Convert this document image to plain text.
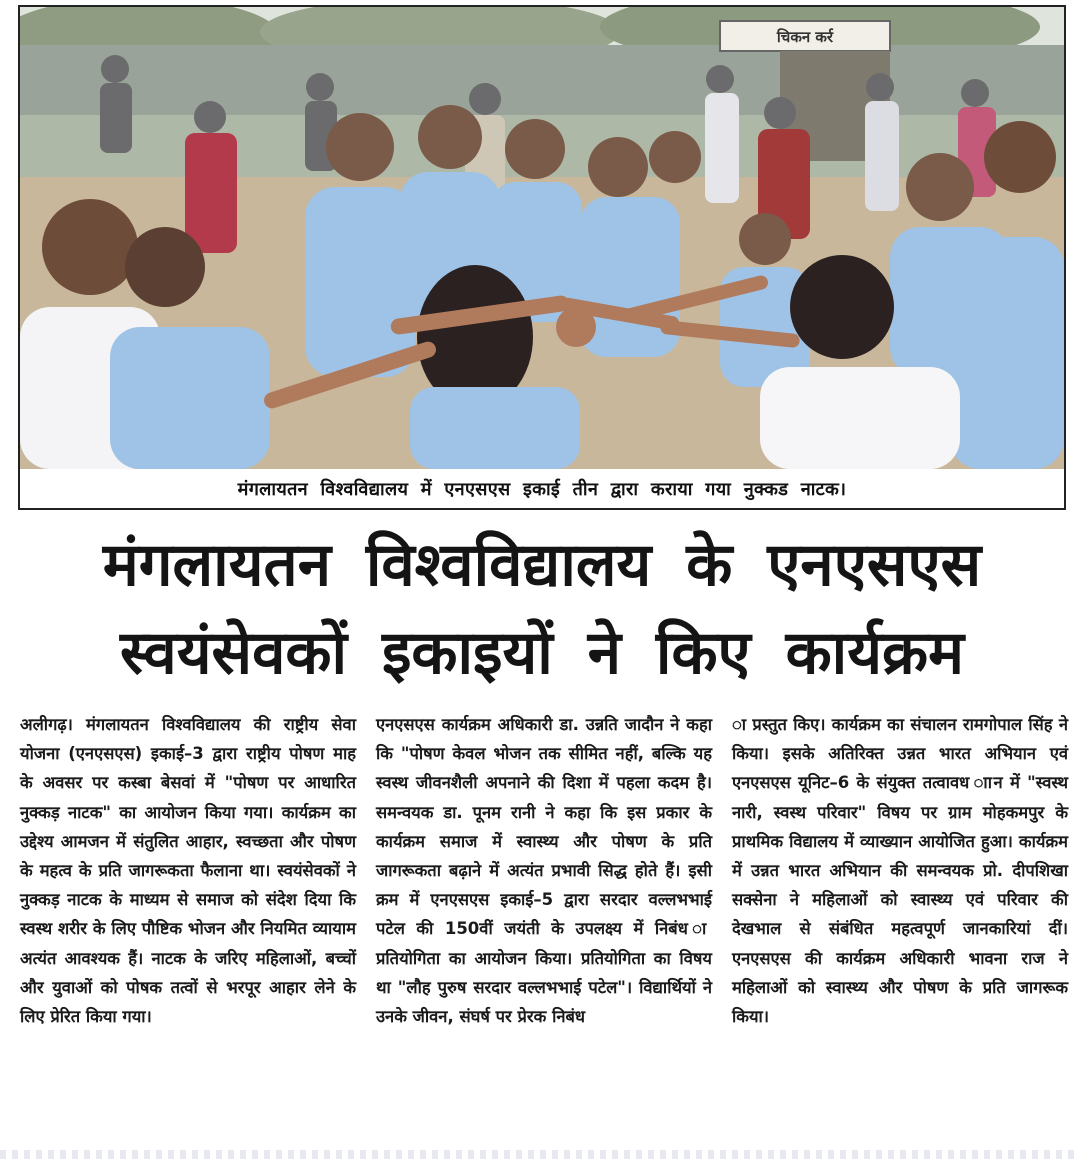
चिकन कर्र
मंगलायतन विश्वविद्यालय में एनएसएस इकाई तीन द्वारा कराया गया नुक्कड नाटक।
मंगलायतन विश्वविद्यालय के एनएसएस
स्वयंसेवकों इकाइयों ने किए कार्यक्रम

अलीगढ़। मंगलायतन विश्वविद्यालय की राष्ट्रीय सेवा योजना (एनएसएस) इकाई–3 द्वारा राष्ट्रीय पोषण माह के अवसर पर कस्बा बेसवां में "पोषण पर आधारित नुक्कड़ नाटक" का आयोजन किया गया। कार्यक्रम का उद्देश्य आमजन में संतुलित आहार, स्वच्छता और पोषण के महत्व के प्रति जागरूकता फैलाना था। स्वयंसेवकों ने नुक्कड़ नाटक के माध्यम से समाज को संदेश दिया कि स्वस्थ शरीर के लिए पौष्टिक भोजन और नियमित व्यायाम अत्यंत आवश्यक हैं। नाटक के जरिए महिलाओं, बच्चों और युवाओं को पोषक तत्वों से भरपूर आहार लेने के लिए प्रेरित किया गया।

एनएसएस कार्यक्रम अधिकारी डा. उन्नति जादौन ने कहा कि "पोषण केवल भोजन तक सीमित नहीं, बल्कि यह स्वस्थ जीवनशैली अपनाने की दिशा में पहला कदम है। समन्वयक डा. पूनम रानी ने कहा कि इस प्रकार के कार्यक्रम समाज में स्वास्थ्य और पोषण के प्रति जागरूकता बढ़ाने में अत्यंत प्रभावी सिद्ध होते हैं। इसी क्रम में एनएसएस इकाई–5 द्वारा सरदार वल्लभभाई पटेल की 150वीं जयंती के उपलक्ष्य में निबंध ा प्रतियोगिता का आयोजन किया। प्रतियोगिता का विषय था "लौह पुरुष सरदार वल्लभभाई पटेल"। विद्यार्थियों ने उनके जीवन, संघर्ष पर प्रेरक निबंध

ा प्रस्तुत किए। कार्यक्रम का संचालन रामगोपाल सिंह ने किया। इसके अतिरिक्त उन्नत भारत अभियान एवं एनएसएस यूनिट–6 के संयुक्त तत्वावध ाान में "स्वस्थ नारी, स्वस्थ परिवार" विषय पर ग्राम मोहकमपुर के प्राथमिक विद्यालय में व्याख्यान आयोजित हुआ। कार्यक्रम में उन्नत भारत अभियान की समन्वयक प्रो. दीपशिखा सक्सेना ने महिलाओं को स्वास्थ्य एवं परिवार की देखभाल से संबंधित महत्वपूर्ण जानकारियां दीं। एनएसएस की कार्यक्रम अधिकारी भावना राज ने महिलाओं को स्वास्थ्य और पोषण के प्रति जागरूक किया।
